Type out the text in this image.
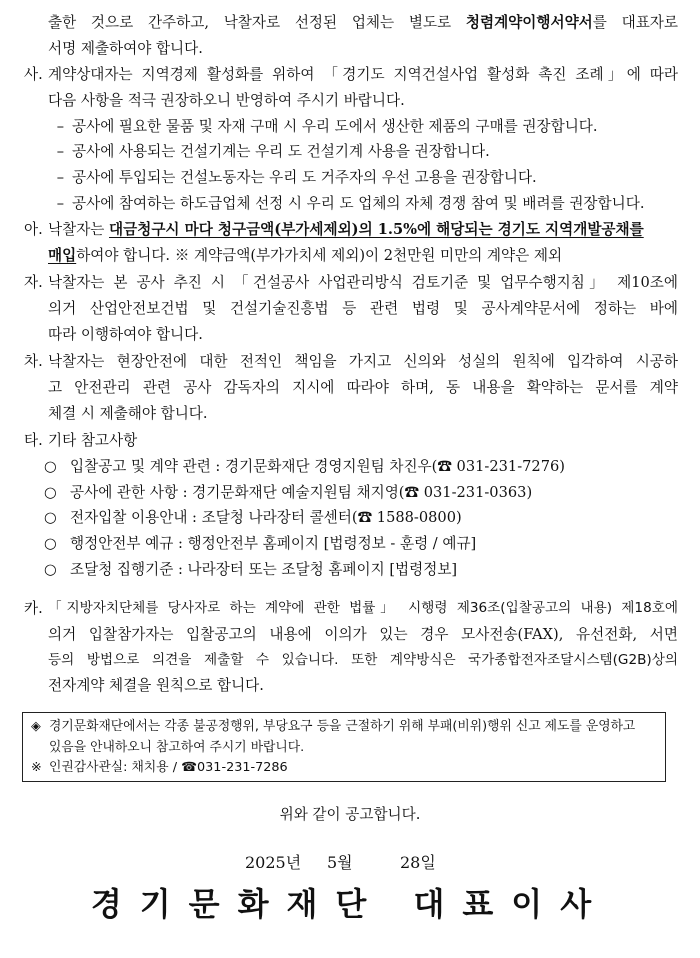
출한 것으로 간주하고, 낙찰자로 선정된 업체는 별도로 청렴계약이행서약서를 대표자로
서명 제출하여야 합니다.
사. 계약상대자는 지역경제 활성화를 위하여 「경기도 지역건설사업 활성화 촉진 조례」에 따라
다음 사항을 적극 권장하오니 반영하여 주시기 바랍니다.
– 공사에 필요한 물품 및 자재 구매 시 우리 도에서 생산한 제품의 구매를 권장합니다.
– 공사에 사용되는 건설기계는 우리 도 건설기계 사용을 권장합니다.
– 공사에 투입되는 건설노동자는 우리 도 거주자의 우선 고용을 권장합니다.
– 공사에 참여하는 하도급업체 선정 시 우리 도 업체의 자체 경쟁 참여 및 배려를 권장합니다.
아. 낙찰자는 대금청구시 마다 청구금액(부가세제외)의 1.5%에 해당되는 경기도 지역개발공채를
매입하여야 합니다. ※ 계약금액(부가가치세 제외)이 2천만원 미만의 계약은 제외
자. 낙찰자는 본 공사 추진 시 「건설공사 사업관리방식 검토기준 및 업무수행지침」 제10조에
의거 산업안전보건법 및 건설기술진흥법 등 관련 법령 및 공사계약문서에 정하는 바에
따라 이행하여야 합니다.
차. 낙찰자는 현장안전에 대한 전적인 책임을 가지고 신의와 성실의 원칙에 입각하여 시공하
고 안전관리 관련 공사 감독자의 지시에 따라야 하며, 동 내용을 확약하는 문서를 계약
체결 시 제출해야 합니다.
타. 기타 참고사항
○ 입찰공고 및 계약 관련 : 경기문화재단 경영지원팀 차진우(☎ 031-231-7276)
○ 공사에 관한 사항 : 경기문화재단 예술지원팀 채지영(☎ 031-231-0363)
○ 전자입찰 이용안내 : 조달청 나라장터 콜센터(☎ 1588-0800)
○ 행정안전부 예규 : 행정안전부 홈페이지 [법령정보 - 훈령 / 예규]
○ 조달청 집행기준 : 나라장터 또는 조달청 홈페이지 [법령정보]
카. 「지방자치단체를 당사자로 하는 계약에 관한 법률」 시행령 제36조(입찰공고의 내용) 제18호에
의거 입찰참가자는 입찰공고의 내용에 이의가 있는 경우 모사전송(FAX), 유선전화, 서면
등의 방법으로 의견을 제출할 수 있습니다. 또한 계약방식은 국가종합전자조달시스템(G2B)상의
전자계약 체결을 원칙으로 합니다.
◈ 경기문화재단에서는 각종 불공정행위, 부당요구 등을 근절하기 위해 부패(비위)행위 신고 제도를 운영하고
있음을 안내하오니 참고하여 주시기 바랍니다.
※ 인권감사관실: 채치용 / ☎031-231-7286
위와 같이 공고합니다.
2025년 5월	28일
경기문화재단 대표이사
